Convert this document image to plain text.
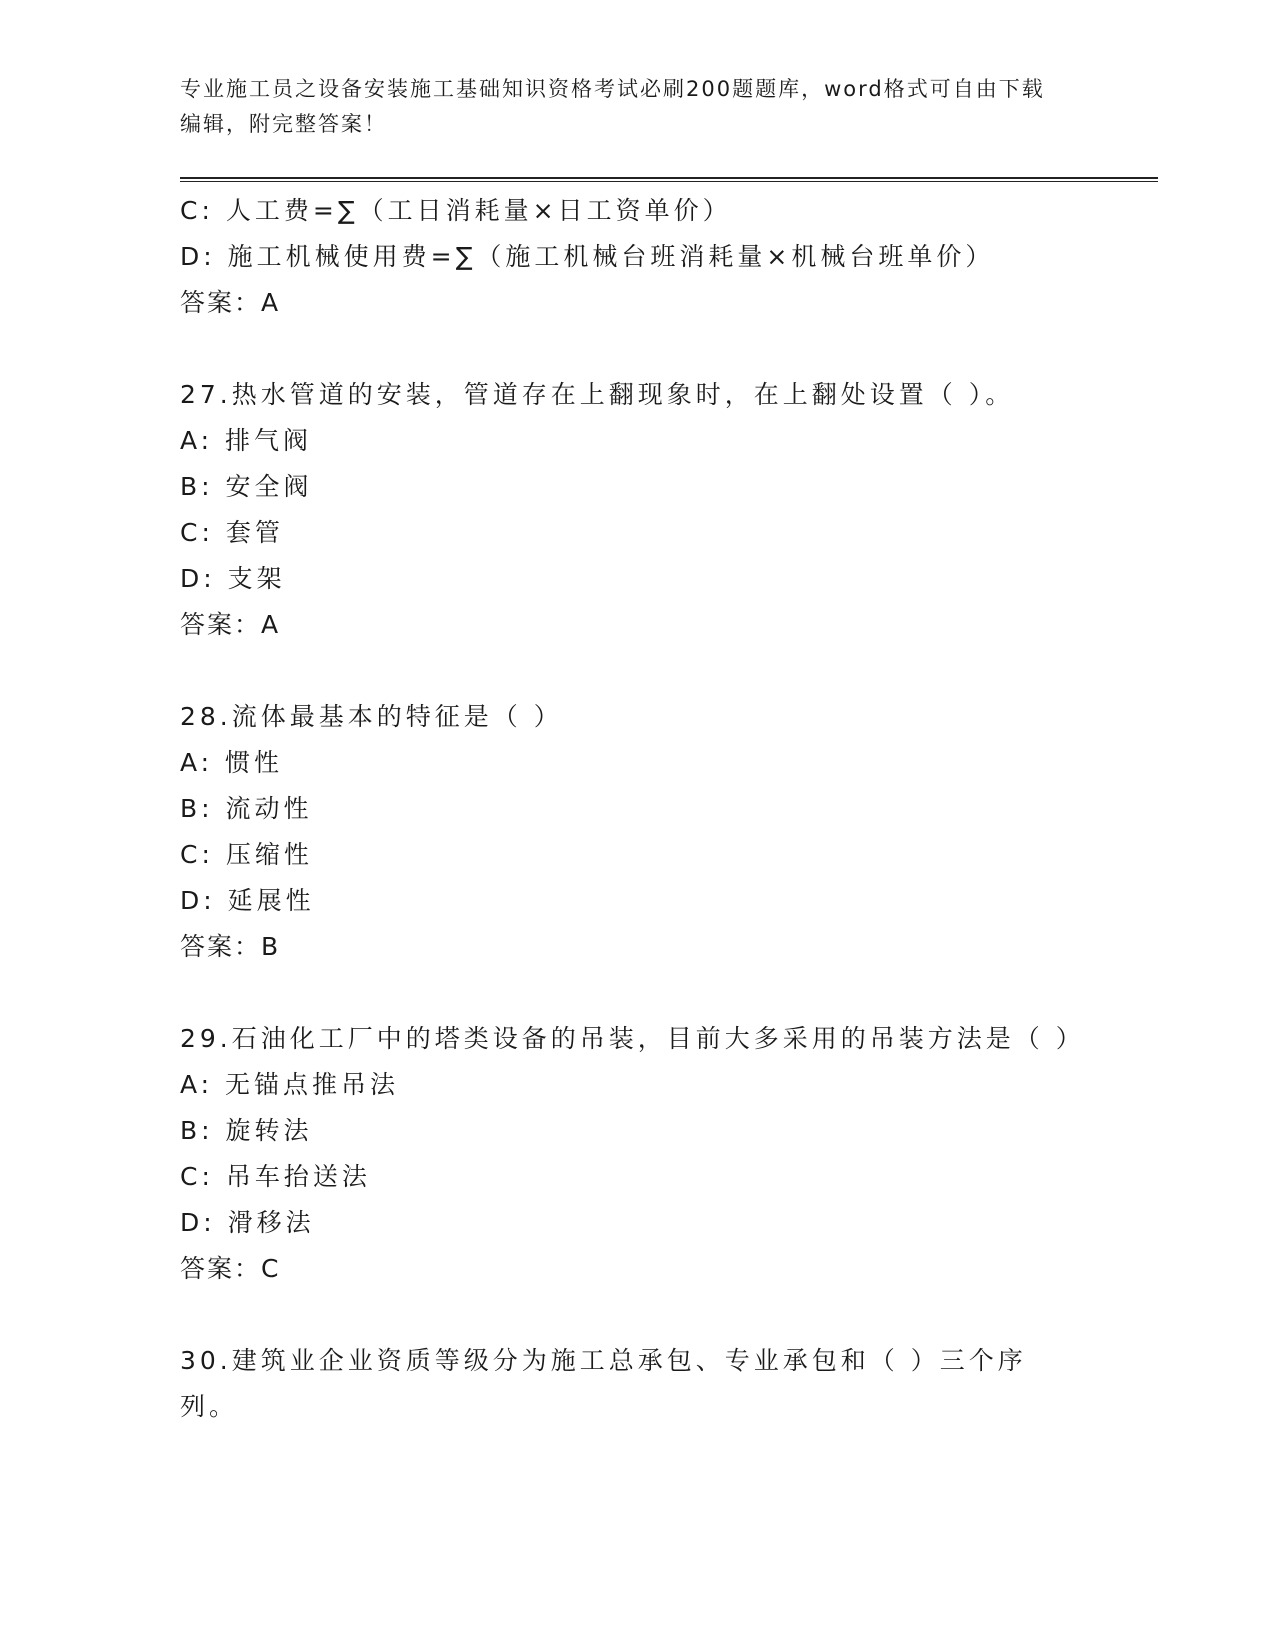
专业施工员之设备安装施工基础知识资格考试必刷200题题库，word格式可自由下载编辑，附完整答案！
C: 人工费=∑（工日消耗量×日工资单价）
D: 施工机械使用费=∑（施工机械台班消耗量×机械台班单价）
答案：A
27.热水管道的安装，管道存在上翻现象时，在上翻处设置（ ）。
A: 排气阀
B: 安全阀
C: 套管
D: 支架
答案：A
28.流体最基本的特征是（ ）
A: 惯性
B: 流动性
C: 压缩性
D: 延展性
答案：B
29.石油化工厂中的塔类设备的吊装，目前大多采用的吊装方法是（ ）
A: 无锚点推吊法
B: 旋转法
C: 吊车抬送法
D: 滑移法
答案：C
30.建筑业企业资质等级分为施工总承包、专业承包和（ ）三个序列。
